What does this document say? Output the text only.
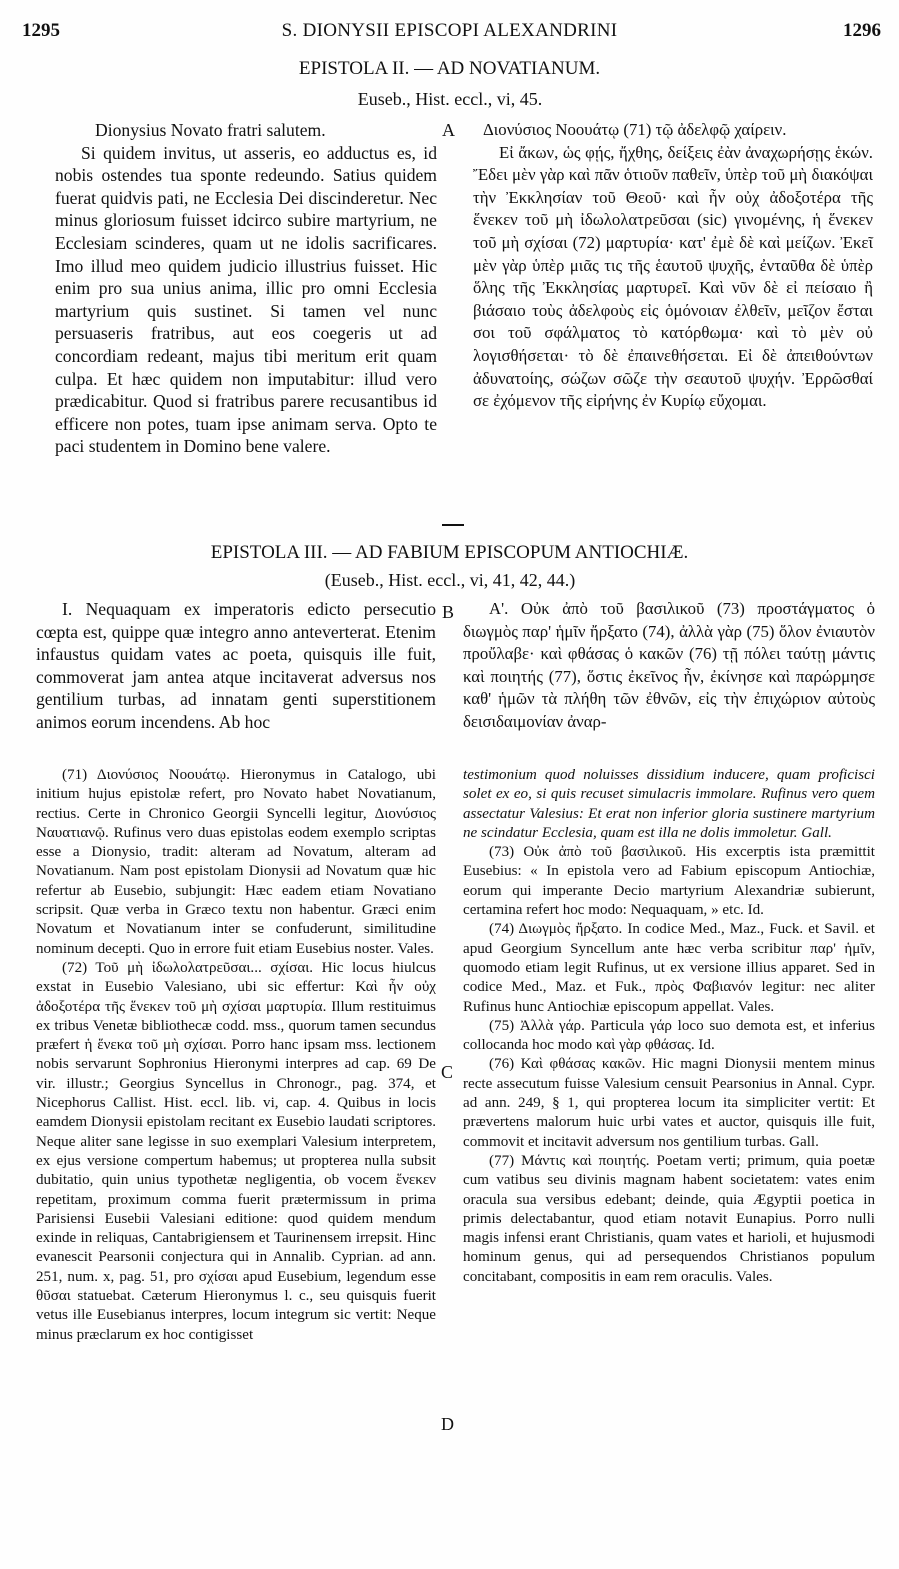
1295	S. DIONYSII EPISCOPI ALEXANDRINI	1296
EPISTOLA II. — AD NOVATIANUM.
Euseb., Hist. eccl., vi, 45.

Dionysius Novato fratri salutem.

Si quidem invitus, ut asseris, eo adductus es, id nobis ostendes tua sponte redeundo. Satius quidem fuerat quidvis pati, ne Ecclesia Dei discinderetur. Nec minus gloriosum fuisset idcirco subire martyrium, ne Ecclesiam scinderes, quam ut ne idolis sacrificares. Imo illud meo quidem judicio illustrius fuisset. Hic enim pro sua unius anima, illic pro omni Ecclesia martyrium quis sustinet. Si tamen vel nunc persuaseris fratribus, aut eos coegeris ut ad concordiam redeant, majus tibi meritum erit quam culpa. Et hæc quidem non imputabitur: illud vero prædicabitur. Quod si fratribus parere recusantibus id efficere non potes, tuam ipse animam serva. Opto te paci studentem in Domino bene valere.

A	Διονύσιος Νοουάτῳ (71) τῷ ἀδελφῷ χαίρειν.

Εἰ ἄκων, ὡς φῄς, ἤχθης, δείξεις ἐὰν ἀναχωρήσῃς ἑκών. Ἔδει μὲν γὰρ καὶ πᾶν ὁτιοῦν παθεῖν, ὑπὲρ τοῦ μὴ διακόψαι τὴν Ἐκκλησίαν τοῦ Θεοῦ· καὶ ἦν οὐχ ἀδοξοτέρα τῆς ἕνεκεν τοῦ μὴ ἰδωλολατρεῦσαι (sic) γινομένης, ἡ ἕνεκεν τοῦ μὴ σχίσαι (72) μαρτυρία· κατ' ἐμὲ δὲ καὶ μείζων. Ἐκεῖ μὲν γὰρ ὑπὲρ μιᾶς τις τῆς ἑαυτοῦ ψυχῆς, ἐνταῦθα δὲ ὑπὲρ ὅλης τῆς Ἐκκλησίας μαρτυρεῖ. Καὶ νῦν δὲ εἰ πείσαιο ἢ βιάσαιο τοὺς ἀδελφοὺς εἰς ὁμόνοιαν ἐλθεῖν, μεῖζον ἔσται σοι τοῦ σφάλματος τὸ κατόρθωμα· καὶ τὸ μὲν οὐ λογισθήσεται· τὸ δὲ ἐπαινεθήσεται. Εἰ δὲ ἀπειθούντων ἀδυνατοίης, σώζων σῶζε τὴν σεαυτοῦ ψυχήν. Ἐρρῶσθαί σε ἐχόμενον τῆς εἰρήνης ἐν Κυρίῳ εὔχομαι.

EPISTOLA III. — AD FABIUM EPISCOPUM ANTIOCHIÆ.
(Euseb., Hist. eccl., vi, 41, 42, 44.)

I. Nequaquam ex imperatoris edicto persecutio cœpta est, quippe quæ integro anno anteverterat. Etenim infaustus quidam vates ac poeta, quisquis ille fuit, commoverat jam antea atque incitaverat adversus nos gentilium turbas, ad innatam genti superstitionem animos eorum incendens. Ab hoc

B	Α'. Οὐκ ἀπὸ τοῦ βασιλικοῦ (73) προστάγματος ὁ διωγμὸς παρ' ἡμῖν ἤρξατο (74), ἀλλὰ γὰρ (75) ὅλον ἐνιαυτὸν προὔλαβε· καὶ φθάσας ὁ κακῶν (76) τῇ πόλει ταύτῃ μάντις καὶ ποιητής (77), ὅστις ἐκεῖνος ἦν, ἐκίνησε καὶ παρώρμησε καθ' ἡμῶν τὰ πλήθη τῶν ἐθνῶν, εἰς τὴν ἐπιχώριον αὐτοὺς δεισιδαιμονίαν ἀναρ-

(71) Διονύσιος Νοουάτῳ. Hieronymus in Catalogo, ubi initium hujus epistolæ refert, pro Novato habet Novatianum, rectius. Certe in Chronico Georgii Syncelli legitur, Διονύσιος Ναυατιανῷ. Rufinus vero duas epistolas eodem exemplo scriptas esse a Dionysio, tradit: alteram ad Novatum, alteram ad Novatianum. Nam post epistolam Dionysii ad Novatum quæ hic refertur ab Eusebio, subjungit: Hæc eadem etiam Novatiano scripsit. Quæ verba in Græco textu non habentur. Græci enim Novatum et Novatianum inter se confuderunt, similitudine nominum decepti. Quo in errore fuit etiam Eusebius noster. Vales.

(72) Τοῦ μὴ ἰδωλολατρεῦσαι... σχίσαι. Hic locus hiulcus exstat in Eusebio Valesiano, ubi sic effertur: Καὶ ἦν οὐχ ἀδοξοτέρα τῆς ἕνεκεν τοῦ μὴ σχίσαι μαρτυρία. Illum restituimus ex tribus Venetæ bibliothecæ codd. mss., quorum tamen secundus præfert ἡ ἕνεκα τοῦ μὴ σχίσαι. Porro hanc ipsam mss. lectionem nobis servarunt Sophronius Hieronymi interpres ad cap. 69 De vir. illustr.; Georgius Syncellus in Chronogr., pag. 374, et Nicephorus Callist. Hist. eccl. lib. vi, cap. 4. Quibus in locis eamdem Dionysii epistolam recitant ex Eusebio laudati scriptores. Neque aliter sane legisse in suo exemplari Valesium interpretem, ex ejus versione compertum habemus; ut propterea nulla subsit dubitatio, quin unius typothetæ negligentia, ob vocem ἕνεκεν repetitam, proximum comma fuerit prætermissum in prima Parisiensi Eusebii Valesiani editione: quod quidem mendum exinde in reliquas, Cantabrigiensem et Taurinensem irrepsit. Hinc evanescit Pearsonii conjectura qui in Annalib. Cyprian. ad ann. 251, num. x, pag. 51, pro σχίσαι apud Eusebium, legendum esse θῦσαι statuebat. Cæterum Hieronymus l. c., seu quisquis fuerit vetus ille Eusebianus interpres, locum integrum sic vertit: Neque minus præclarum ex hoc contigisset

C
D

testimonium quod noluisses dissidium inducere, quam proficisci solet ex eo, si quis recuset simulacris immolare. Rufinus vero quem assectatur Valesius: Et erat non inferior gloria sustinere martyrium ne scindatur Ecclesia, quam est illa ne dolis immoletur. Gall.

(73) Οὐκ ἀπὸ τοῦ βασιλικοῦ. His excerptis ista præmittit Eusebius: « In epistola vero ad Fabium episcopum Antiochiæ, eorum qui imperante Decio martyrium Alexandriæ subierunt, certamina refert hoc modo: Nequaquam, » etc. Id.

(74) Διωγμὸς ἤρξατο. In codice Med., Maz., Fuck. et Savil. et apud Georgium Syncellum ante hæc verba scribitur παρ' ἡμῖν, quomodo etiam legit Rufinus, ut ex versione illius apparet. Sed in codice Med., Maz. et Fuk., πρὸς Φαβιανόν legitur: nec aliter Rufinus hunc Antiochiæ episcopum appellat. Vales.

(75) Ἀλλὰ γάρ. Particula γάρ loco suo demota est, et inferius collocanda hoc modo καὶ γὰρ φθάσας. Id.

(76) Καὶ φθάσας κακῶν. Hic magni Dionysii mentem minus recte assecutum fuisse Valesium censuit Pearsonius in Annal. Cypr. ad ann. 249, § 1, qui propterea locum ita simpliciter vertit: Et prævertens malorum huic urbi vates et auctor, quisquis ille fuit, commovit et incitavit adversum nos gentilium turbas. Gall.

(77) Μάντις καὶ ποιητής. Poetam verti; primum, quia poetæ cum vatibus seu divinis magnam habent societatem: vates enim oracula sua versibus edebant; deinde, quia Ægyptii poetica in primis delectabantur, quod etiam notavit Eunapius. Porro nulli magis infensi erant Christianis, quam vates et harioli, et hujusmodi hominum genus, qui ad persequendos Christianos populum concitabant, compositis in eam rem oraculis. Vales.
